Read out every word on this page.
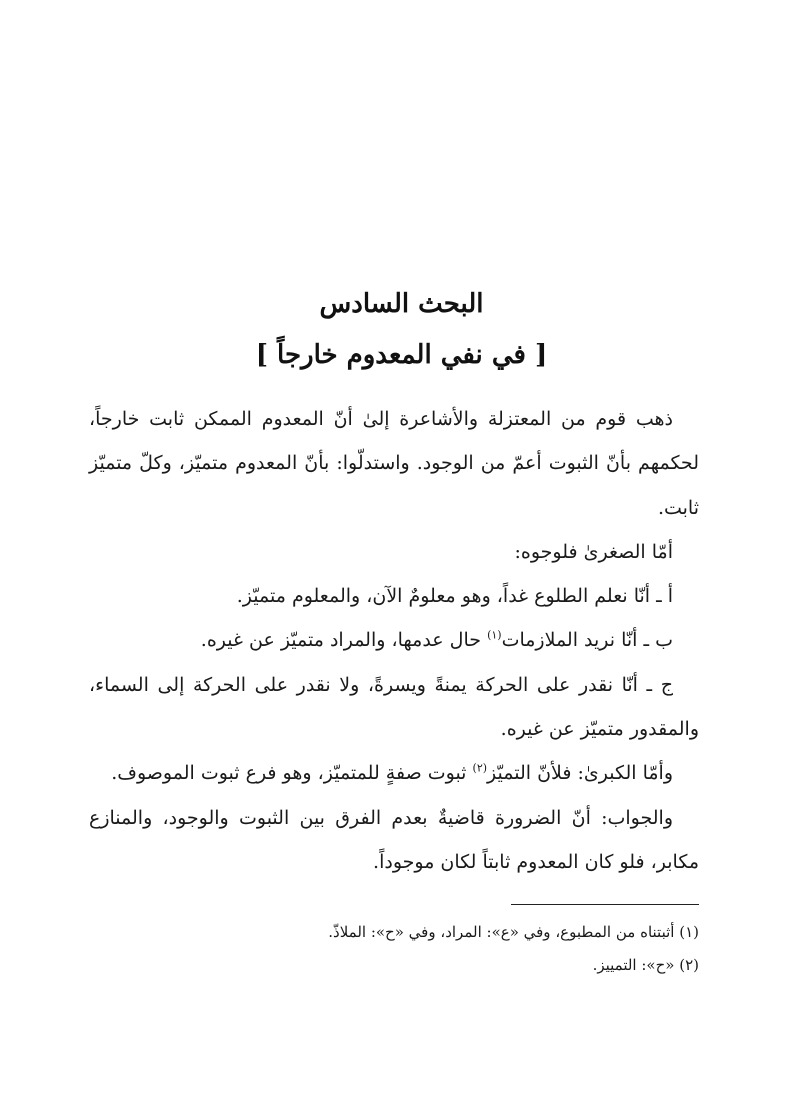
البحث السادس
[ في نفي المعدوم خارجاً ]

ذهب قوم من المعتزلة والأشاعرة إلىٰ أنّ المعدوم الممكن ثابت خارجاً، لحكمهم بأنّ الثبوت أعمّ من الوجود. واستدلّوا: بأنّ المعدوم متميّز، وكلّ متميّز ثابت.

أمّا الصغرىٰ فلوجوه:

أ ـ أنّا نعلم الطلوع غداً، وهو معلومٌ الآن، والمعلوم متميّز.

ب ـ أنّا نريد الملازمات$^{(١)}$ حال عدمها، والمراد متميّز عن غيره.

ج ـ أنّا نقدر على الحركة يمنةً ويسرةً، ولا نقدر على الحركة إلى السماء، والمقدور متميّز عن غيره.

وأمّا الكبرىٰ: فلأنّ التميّز$^{(٢)}$ ثبوت صفةٍ للمتميّز، وهو فرع ثبوت الموصوف.

والجواب: أنّ الضرورة قاضيةٌ بعدم الفرق بين الثبوت والوجود، والمنازع مكابر، فلو كان المعدوم ثابتاً لكان موجوداً.

(١) أثبتناه من المطبوع، وفي «ع»: المراد، وفي «ح»: الملاذّ.

(٢) «ح»: التمييز.
